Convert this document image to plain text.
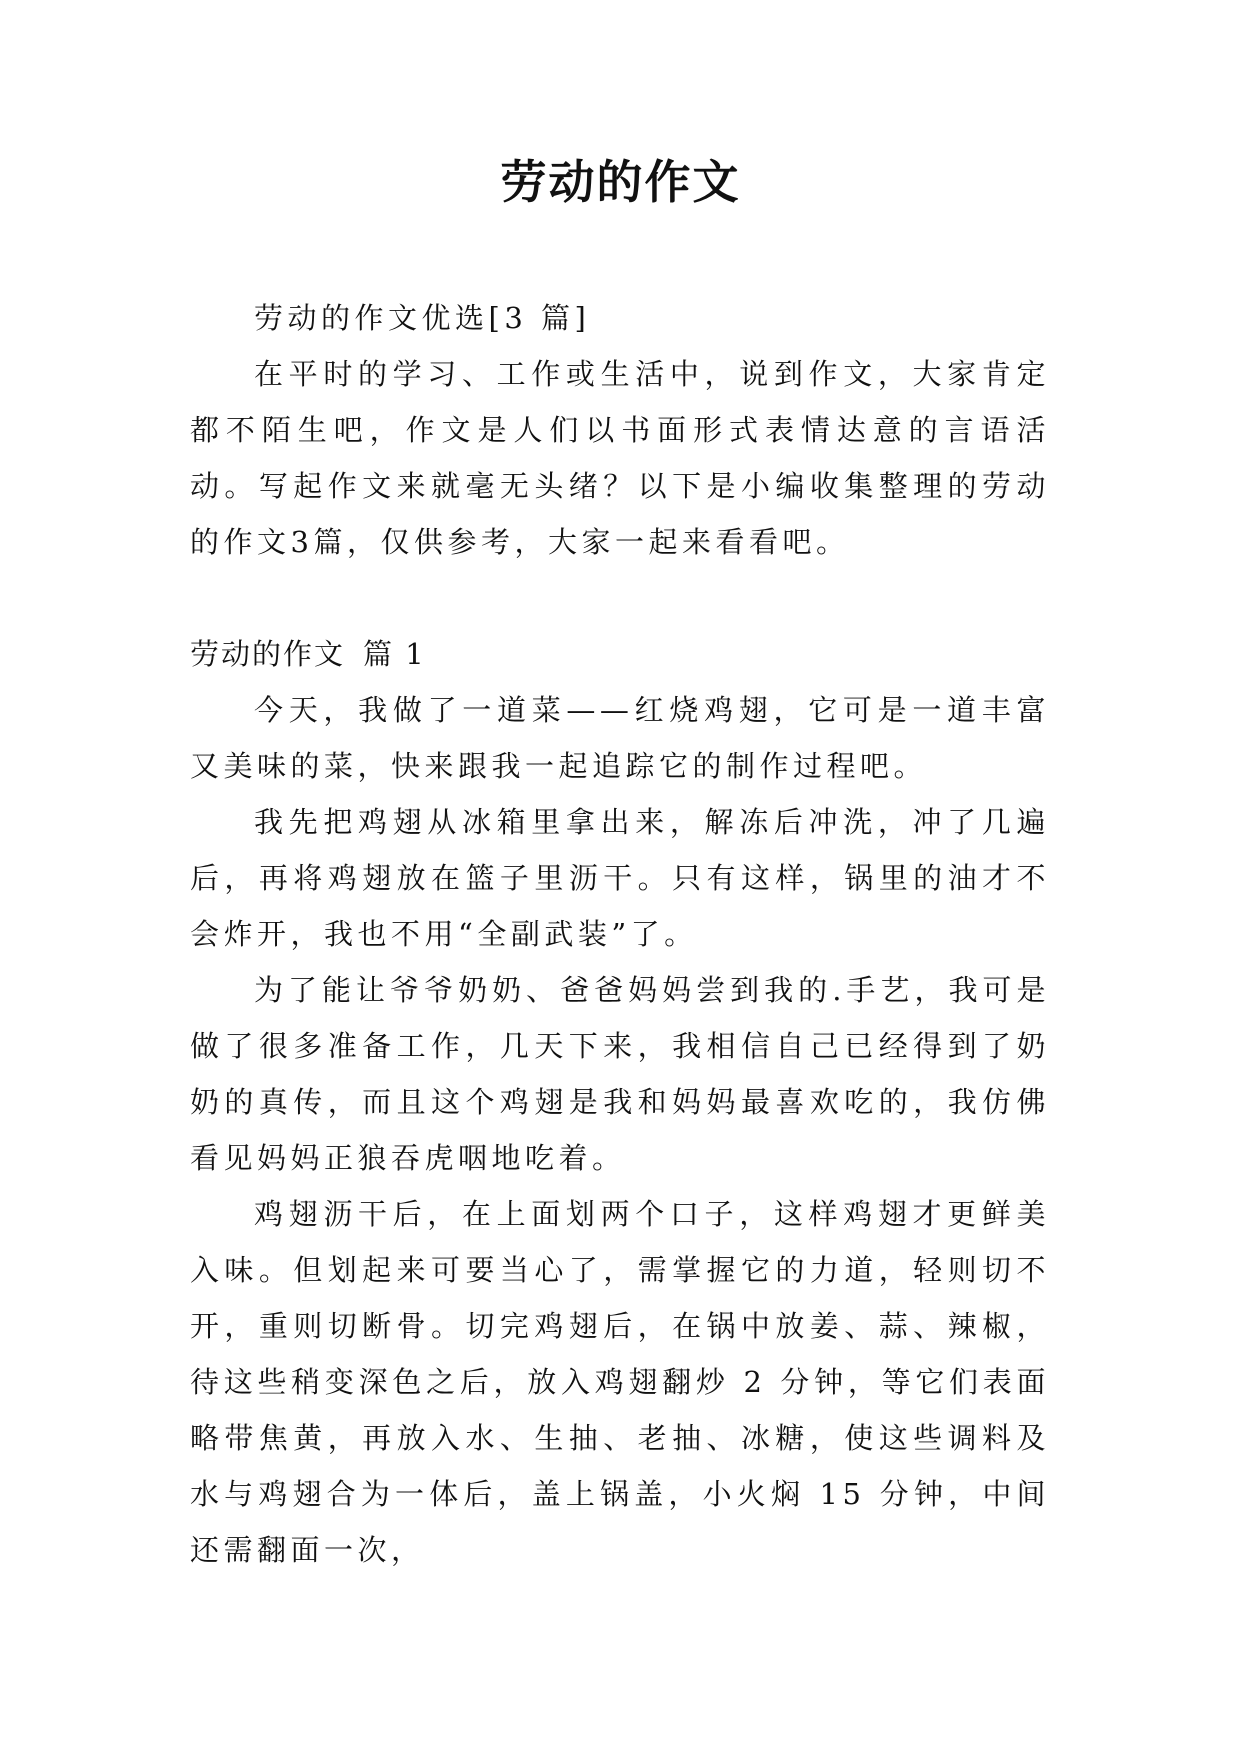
劳动的作文

劳动的作文优选[3 篇]

在平时的学习、工作或生活中，说到作文，大家肯定都不陌生吧，作文是人们以书面形式表情达意的言语活动。写起作文来就毫无头绪？以下是小编收集整理的劳动的作文3篇，仅供参考，大家一起来看看吧。

劳动的作文 篇 1

今天，我做了一道菜——红烧鸡翅，它可是一道丰富又美味的菜，快来跟我一起追踪它的制作过程吧。

我先把鸡翅从冰箱里拿出来，解冻后冲洗，冲了几遍后，再将鸡翅放在篮子里沥干。只有这样，锅里的油才不会炸开，我也不用“全副武装”了。

为了能让爷爷奶奶、爸爸妈妈尝到我的.手艺，我可是做了很多准备工作，几天下来，我相信自己已经得到了奶奶的真传，而且这个鸡翅是我和妈妈最喜欢吃的，我仿佛看见妈妈正狼吞虎咽地吃着。

鸡翅沥干后，在上面划两个口子，这样鸡翅才更鲜美入味。但划起来可要当心了，需掌握它的力道，轻则切不开，重则切断骨。切完鸡翅后，在锅中放姜、蒜、辣椒，待这些稍变深色之后，放入鸡翅翻炒 2 分钟，等它们表面略带焦黄，再放入水、生抽、老抽、冰糖，使这些调料及水与鸡翅合为一体后，盖上锅盖，小火焖 15 分钟，中间还需翻面一次，
